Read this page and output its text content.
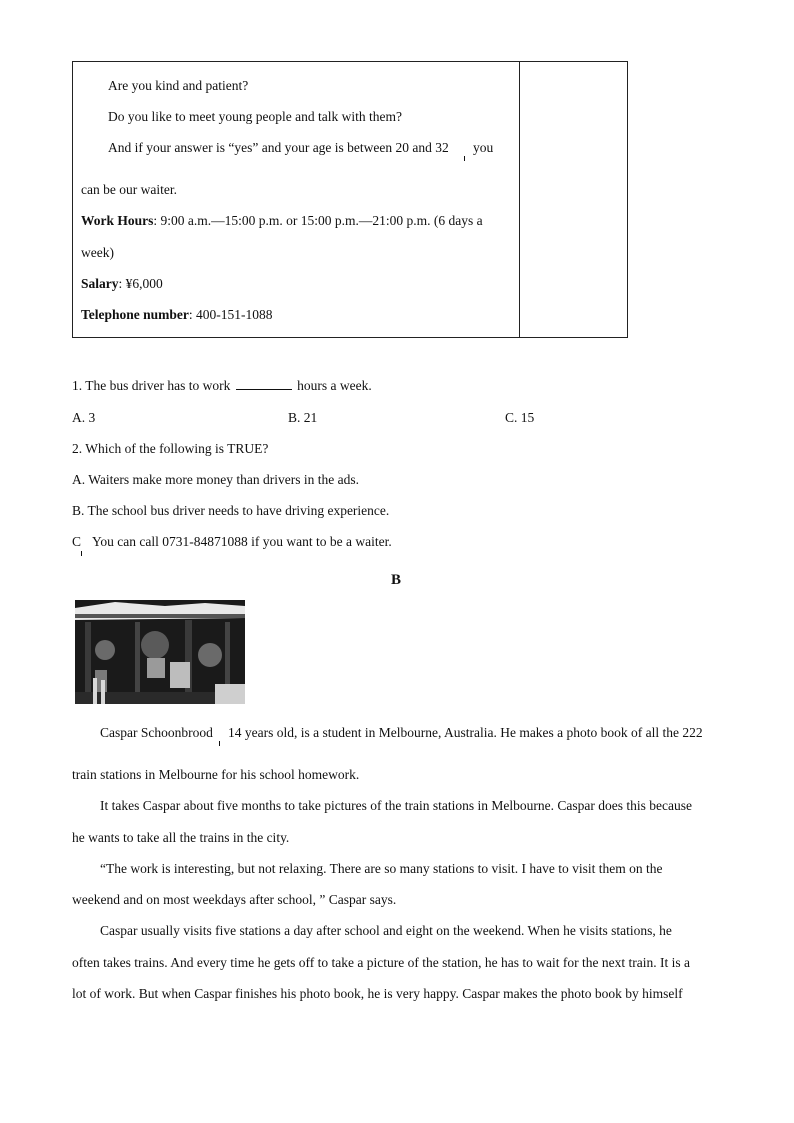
Are you kind and patient?
Do you like to meet young people and talk with them?
And if your answer is “yes” and your age is between 20 and 32 you
can be our waiter.
Work Hours: 9:00 a.m.—15:00 p.m. or 15:00 p.m.—21:00 p.m. (6 days a
week)
Salary: ¥6,000
Telephone number: 400-151-1088
1. The bus driver has to work	hours a week.
A. 3	B. 21	C. 15
2. Which of the following is TRUE?
A. Waiters make more money than drivers in the ads.
B. The school bus driver needs to have driving experience.
C You can call 0731-84871088 if you want to be a waiter.
B
Caspar Schoonbrood 14 years old, is a student in Melbourne, Australia. He makes a photo book of all the 222
train stations in Melbourne for his school homework.
It takes Caspar about five months to take pictures of the train stations in Melbourne. Caspar does this because
he wants to take all the trains in the city.
“The work is interesting, but not relaxing. There are so many stations to visit. I have to visit them on the
weekend and on most weekdays after school, ” Caspar says.
Caspar usually visits five stations a day after school and eight on the weekend. When he visits stations, he
often takes trains. And every time he gets off to take a picture of the station, he has to wait for the next train. It is a
lot of work. But when Caspar finishes his photo book, he is very happy. Caspar makes the photo book by himself
